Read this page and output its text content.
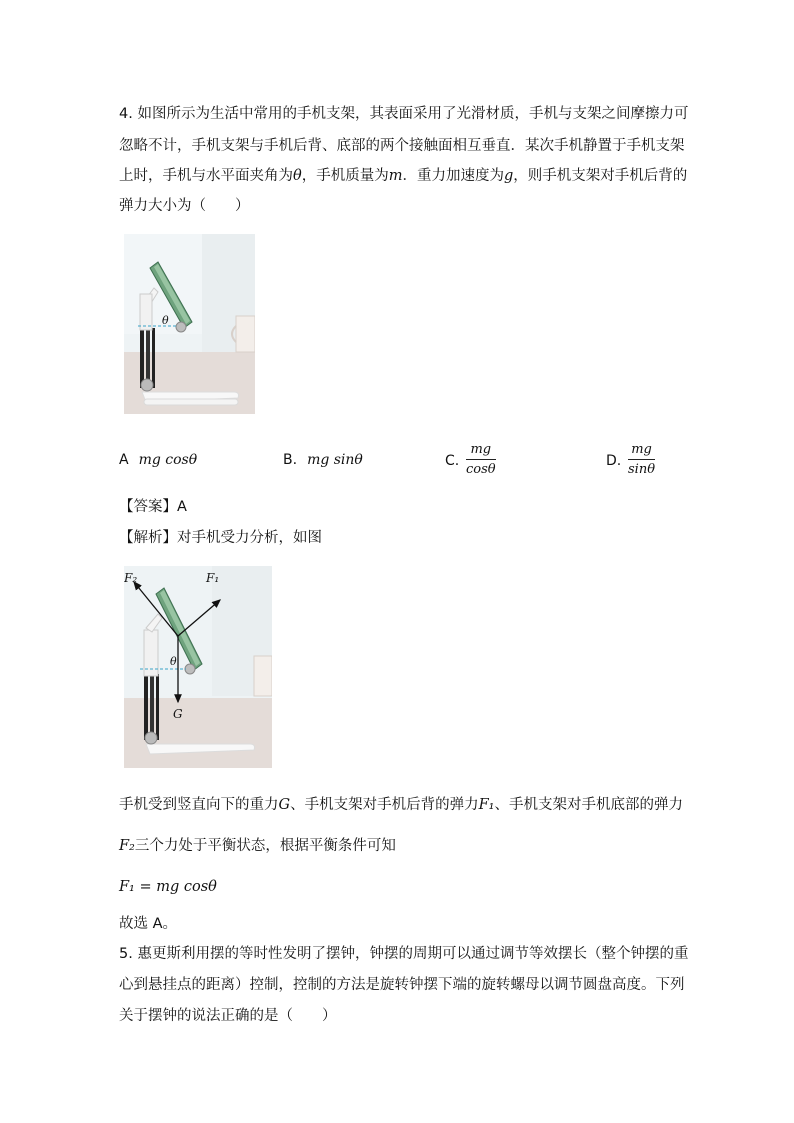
4. 如图所示为生活中常用的手机支架，其表面采用了光滑材质，手机与支架之间摩擦力可
忽略不计，手机支架与手机后背、底部的两个接触面相互垂直．某次手机静置于手机支架
上时，手机与水平面夹角为θ，手机质量为m．重力加速度为g，则手机支架对手机后背的
弹力大小为（　　）
θ
A mg cosθ	B. mg sinθ	C. $\frac{mg}{\cos\theta}$	D. $\frac{mg}{\sin\theta}$
【答案】A
【解析】对手机受力分析，如图
F₂	F₁
θ
G
手机受到竖直向下的重力G、手机支架对手机后背的弹力F₁、手机支架对手机底部的弹力
F₂三个力处于平衡状态，根据平衡条件可知
F₁ = mg cosθ
故选 A。
5. 惠更斯利用摆的等时性发明了摆钟，钟摆的周期可以通过调节等效摆长（整个钟摆的重
心到悬挂点的距离）控制，控制的方法是旋转钟摆下端的旋转螺母以调节圆盘高度。下列
关于摆钟的说法正确的是（　　）
